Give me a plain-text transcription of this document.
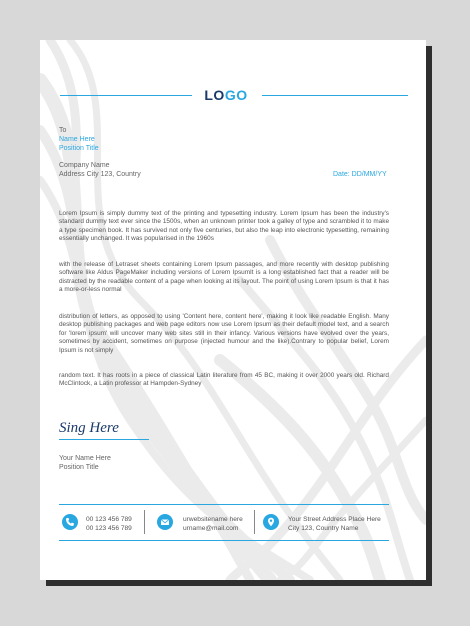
LOGO
To
Name Here
Position Title
Company Name
Address City 123, Country	Date: DD/MM/YY
Lorem Ipsum is simply dummy text of the printing and typesetting industry. Lorem Ipsum has been the industry's standard dummy text ever since the 1500s, when an unknown printer took a galley of type and scrambled it to make a type specimen book. It has survived not only five centuries, but also the leap into electronic typesetting, remaining essentially unchanged. It was popularised in the 1960s
with the release of Letraset sheets containing Lorem Ipsum passages, and more recently with desktop publishing software like Aldus PageMaker including versions of Lorem IpsumIt is a long established fact that a reader will be distracted by the readable content of a page when looking at its layout. The point of using Lorem Ipsum is that it has a more-or-less normal
distribution of letters, as opposed to using 'Content here, content here', making it look like readable English. Many desktop publishing packages and web page editors now use Lorem Ipsum as their default model text, and a search for 'lorem ipsum' will uncover many web sites still in their infancy. Various versions have evolved over the years, sometimes by accident, sometimes on purpose (injected humour and the like).Contrary to popular belief, Lorem Ipsum is not simply
random text. It has roots in a piece of classical Latin literature from 45 BC, making it over 2000 years old. Richard McClintock, a Latin professor at Hampden-Sydney
Sing Here
Your Name Here
Position Title
00 123 456 789
00 123 456 789
urwebsitename here
urname@mail.com
Your Street Address Place Here
City 123, Country Name
